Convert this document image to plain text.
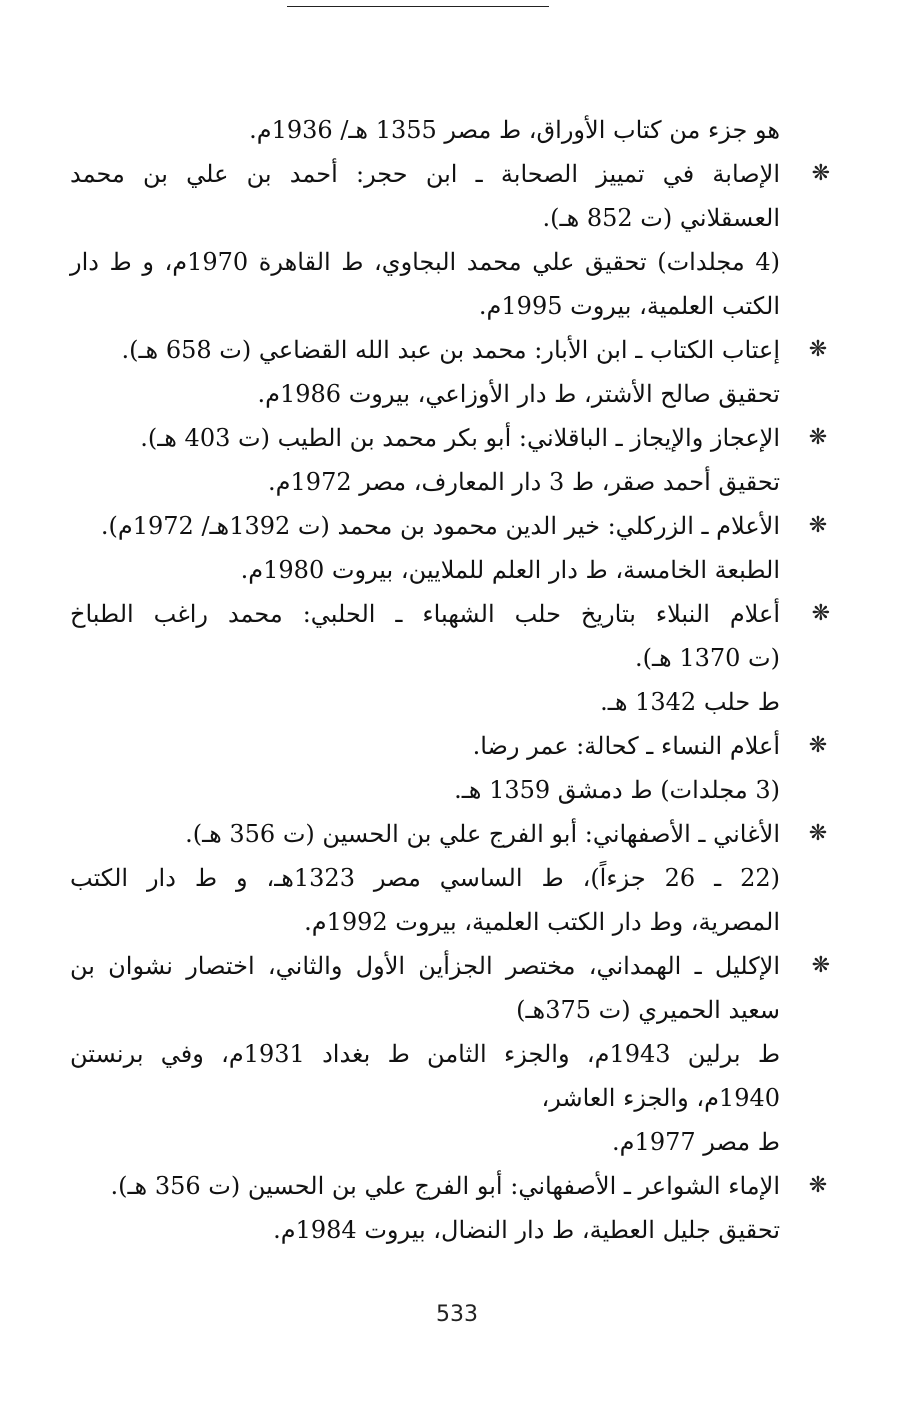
هو جزء من كتاب الأوراق، ط مصر 1355 هـ/ 1936م.
❋
الإصابة في تمييز الصحابة ـ ابن حجر: أحمد بن علي بن محمد
العسقلاني (ت 852 هـ).
(4 مجلدات) تحقيق علي محمد البجاوي، ط القاهرة 1970م، و ط دار
الكتب العلمية، بيروت 1995م.
❋
إعتاب الكتاب ـ ابن الأبار: محمد بن عبد الله القضاعي (ت 658 هـ).
تحقيق صالح الأشتر، ط دار الأوزاعي، بيروت 1986م.
❋
الإعجاز والإيجاز ـ الباقلاني: أبو بكر محمد بن الطيب (ت 403 هـ).
تحقيق أحمد صقر، ط 3 دار المعارف، مصر 1972م.
❋
الأعلام ـ الزركلي: خير الدين محمود بن محمد (ت 1392هـ/ 1972م).
الطبعة الخامسة، ط دار العلم للملايين، بيروت 1980م.
❋
أعلام النبلاء بتاريخ حلب الشهباء ـ الحلبي: محمد راغب الطباخ
(ت 1370 هـ).
ط حلب 1342 هـ.
❋
أعلام النساء ـ كحالة: عمر رضا.
(3 مجلدات) ط دمشق 1359 هـ.
❋
الأغاني ـ الأصفهاني: أبو الفرج علي بن الحسين (ت 356 هـ).
(22 ـ 26 جزءاً)، ط الساسي مصر 1323هـ، و ط دار الكتب
المصرية، وط دار الكتب العلمية، بيروت 1992م.
❋
الإكليل ـ الهمداني، مختصر الجزأين الأول والثاني، اختصار نشوان بن
سعيد الحميري (ت 375هـ)
ط برلين 1943م، والجزء الثامن ط بغداد 1931م، وفي برنستن
1940م، والجزء العاشر،
ط مصر 1977م.
❋
الإماء الشواعر ـ الأصفهاني: أبو الفرج علي بن الحسين (ت 356 هـ).
تحقيق جليل العطية، ط دار النضال، بيروت 1984م.
533
